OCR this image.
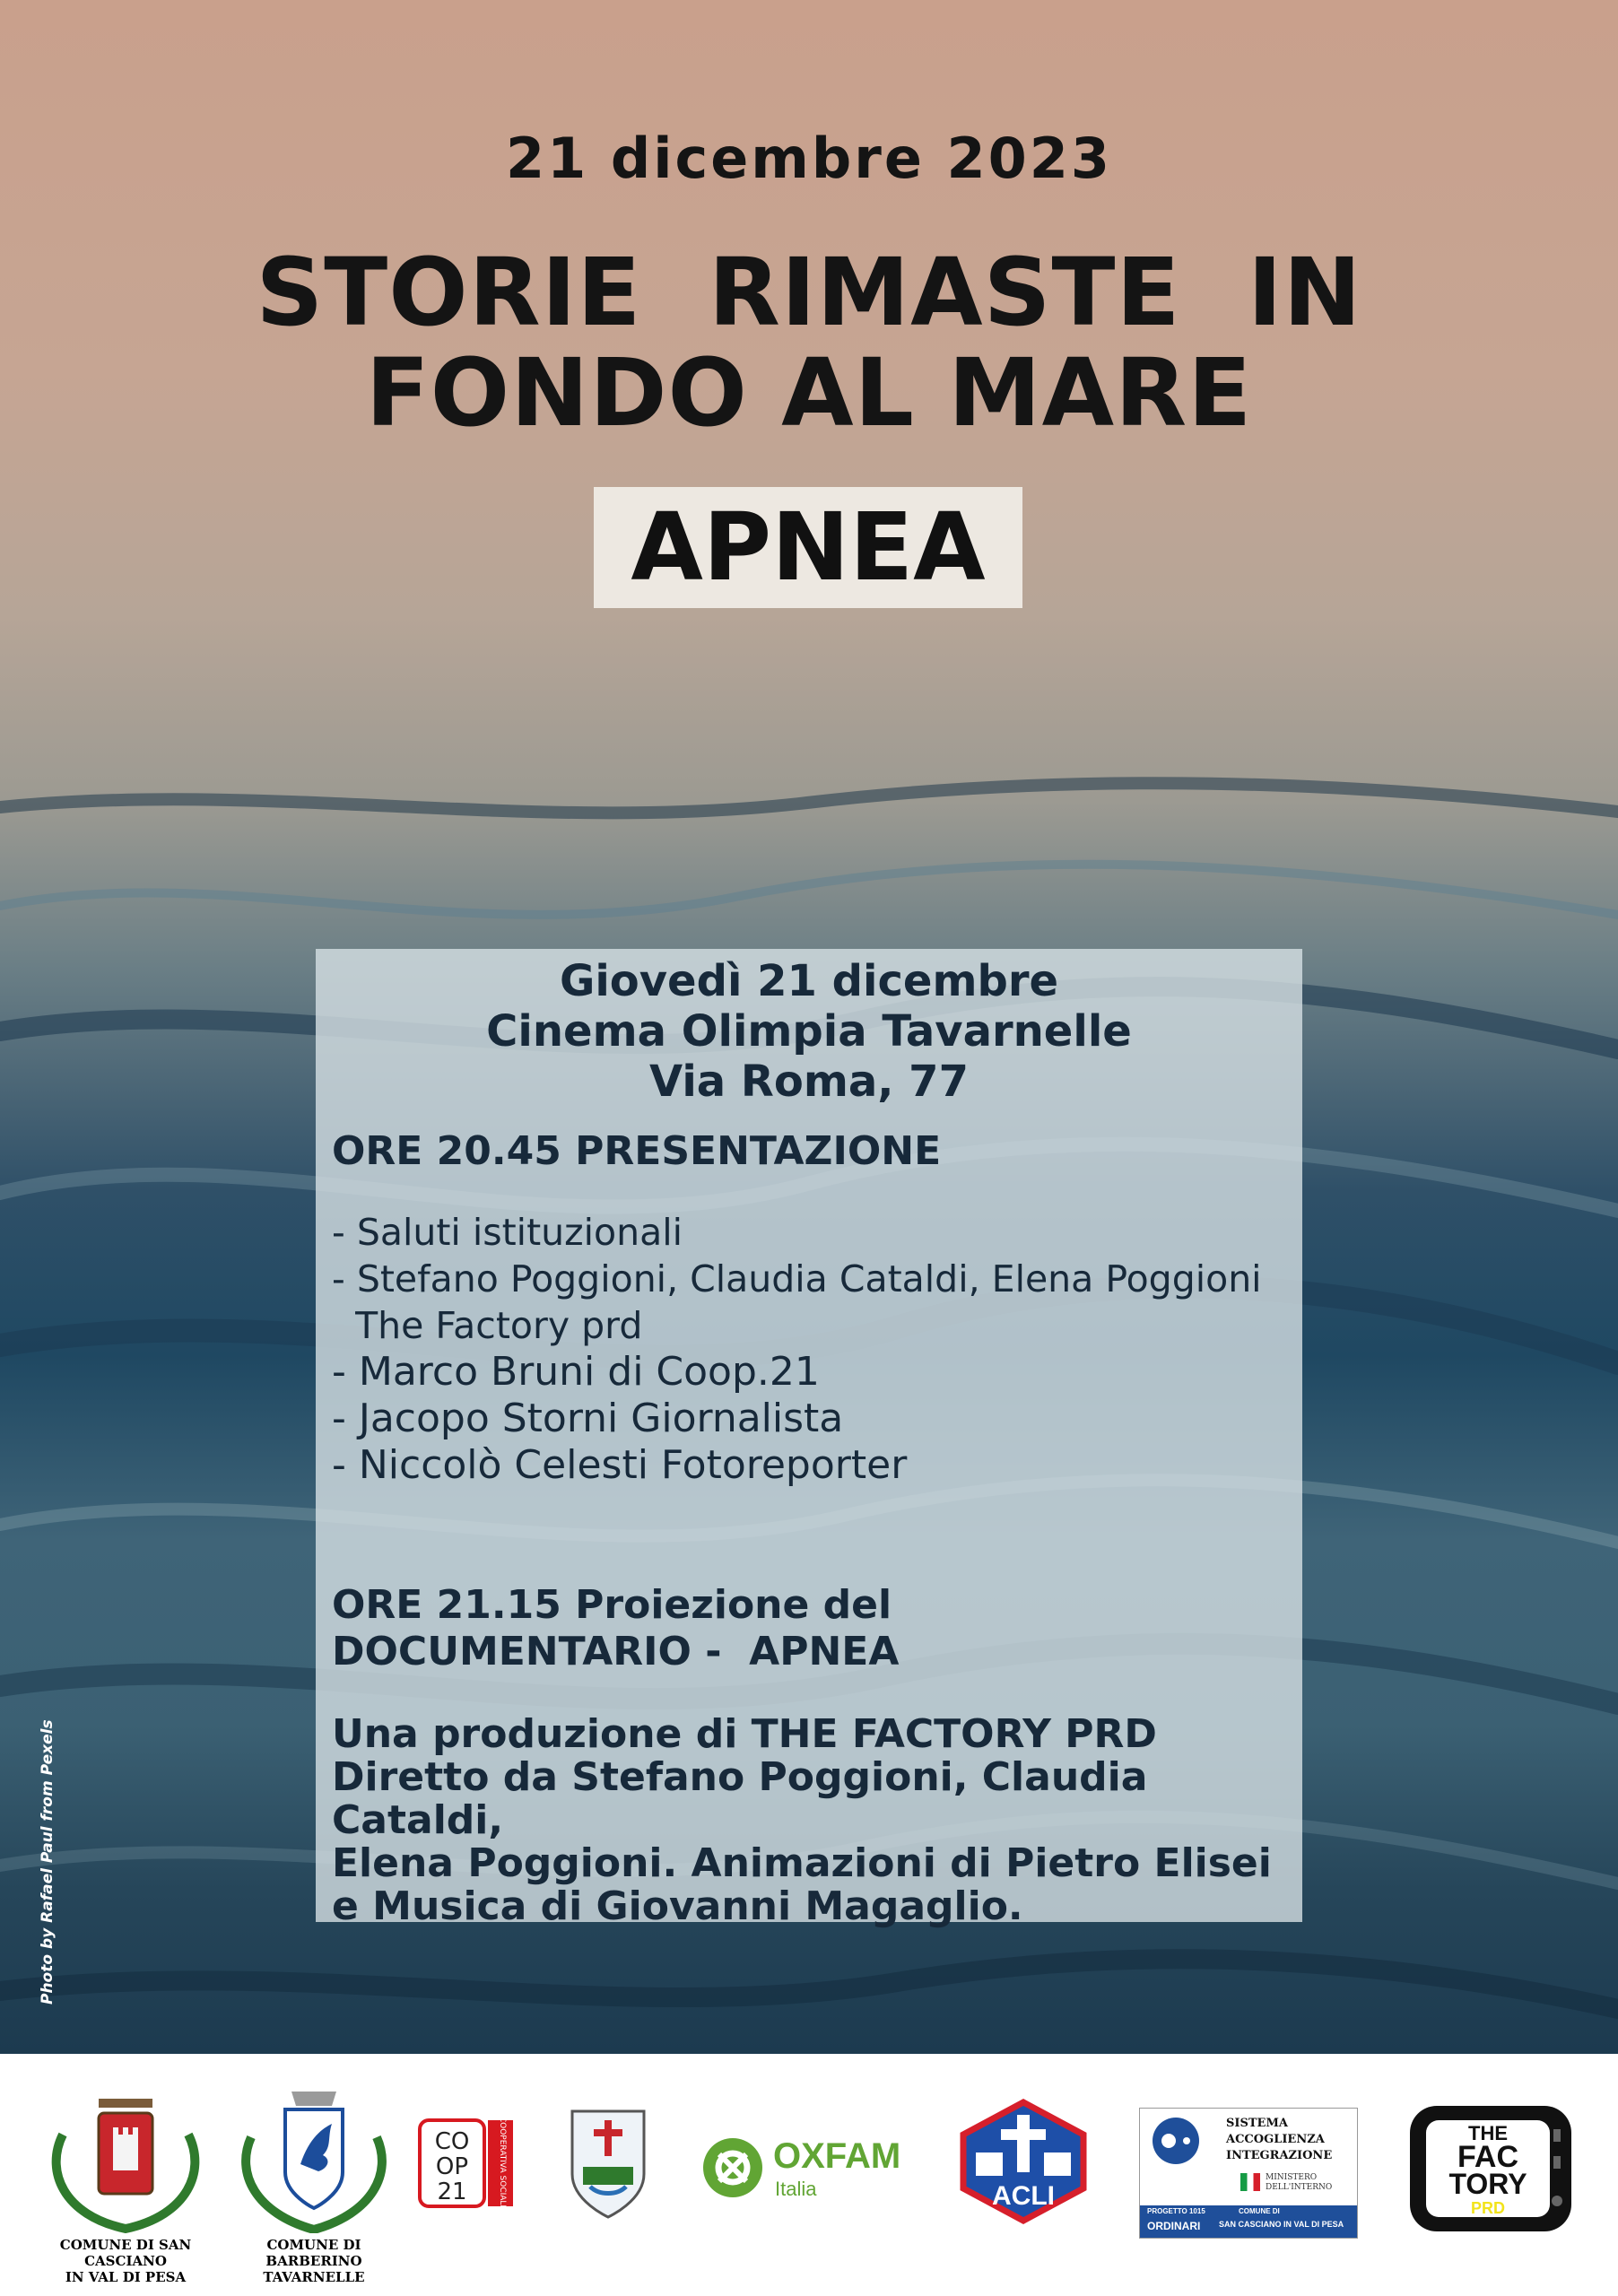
21 dicembre 2023
STORIE  RIMASTE  IN
FONDO AL MARE
APNEA
Giovedì 21 dicembre
Cinema Olimpia Tavarnelle
Via Roma, 77
ORE 20.45 PRESENTAZIONE
- Saluti istituzionali
- Stefano Poggioni, Claudia Cataldi, Elena Poggioni
The Factory prd
- Marco Bruni di Coop.21
- Jacopo Storni Giornalista
- Niccolò Celesti Fotoreporter
ORE 21.15 Proiezione del
DOCUMENTARIO -  APNEA
Una produzione di THE FACTORY PRD
Diretto da Stefano Poggioni, Claudia Cataldi,
Elena Poggioni. Animazioni di Pietro Elisei
e Musica di Giovanni Magaglio.
Photo by Rafael Paul from Pexels
COMUNE DI SAN CASCIANO
IN VAL DI PESA
COMUNE DI BARBERINO
TAVARNELLE
CO
OP
21	COOPERATIVA SOCIALE	OXFAM
Italia	ACLI
SISTEMA
ACCOGLIENZA
INTEGRAZIONE
MINISTERO
DELL'INTERNO
PROGETTO 1015
ORDINARI
COMUNE DI
SAN CASCIANO IN VAL DI PESA
THE
FAC
TORY
PRD
